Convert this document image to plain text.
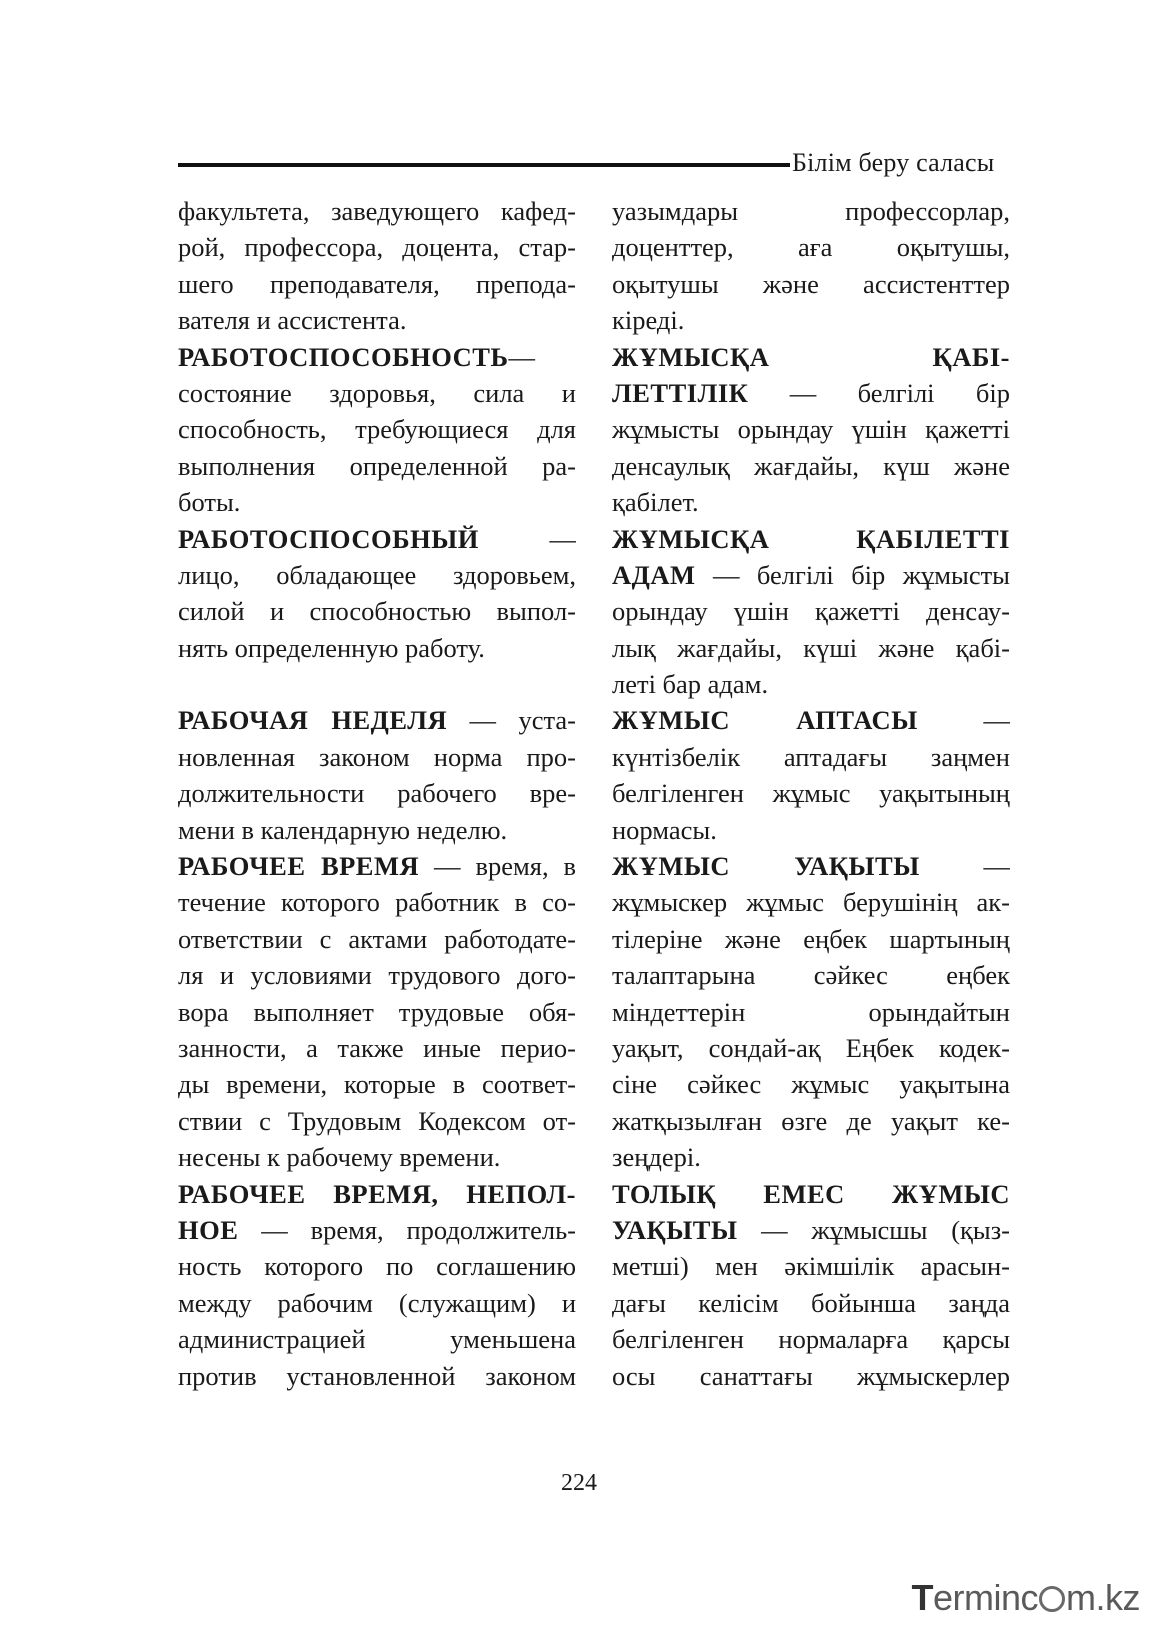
Білім беру саласы
факультета, заведующего кафед-
рой, профессора, доцента, стар-
шего преподавателя, препода-
вателя и ассистента.
РАБОТОСПОСОБНОСТЬ—
состояние здоровья, сила и
способность, требующиеся для
выполнения определенной ра-
боты.
РАБОТОСПОСОБНЫЙ —
лицо, обладающее здоровьем,
силой и способностью выпол-
нять определенную работу.
РАБОЧАЯ НЕДЕЛЯ — уста-
новленная законом норма про-
должительности рабочего вре-
мени в календарную неделю.
РАБОЧЕЕ ВРЕМЯ — время, в
течение которого работник в со-
ответствии с актами работодате-
ля и условиями трудового дого-
вора выполняет трудовые обя-
занности, а также иные перио-
ды времени, которые в соответ-
ствии с Трудовым Кодексом от-
несены к рабочему времени.
РАБОЧЕЕ ВРЕМЯ, НЕПОЛ-
НОЕ — время, продолжитель-
ность которого по соглашению
между рабочим (служащим) и
администрацией уменьшена
против установленной законом
уазымдары профессорлар,
доценттер, аға оқытушы,
оқытушы және ассистенттер
кіреді.
ЖҰМЫСҚА ҚАБІ-
ЛЕТТІЛІК — белгілі бір
жұмысты орындау үшін қажетті
денсаулық жағдайы, күш және
қабілет.
ЖҰМЫСҚА ҚАБІЛЕТТІ
АДАМ — белгілі бір жұмысты
орындау үшін қажетті денсау-
лық жағдайы, күші және қабі-
леті бар адам.
ЖҰМЫС АПТАСЫ —
күнтізбелік аптадағы заңмен
белгіленген жұмыс уақытының
нормасы.
ЖҰМЫС УАҚЫТЫ —
жұмыскер жұмыс берушінің ак-
тілеріне және еңбек шартының
талаптарына сәйкес еңбек
міндеттерін орындайтын
уақыт, сондай-ақ Еңбек кодек-
сіне сәйкес жұмыс уақытына
жатқызылған өзге де уақыт ке-
зеңдері.
ТОЛЫҚ ЕМЕС ЖҰМЫС
УАҚЫТЫ — жұмысшы (қыз-
метші) мен әкімшілік арасын-
дағы келісім бойынша заңда
белгіленген нормаларға қарсы
осы санаттағы жұмыскерлер
224
Terminc m.kz
